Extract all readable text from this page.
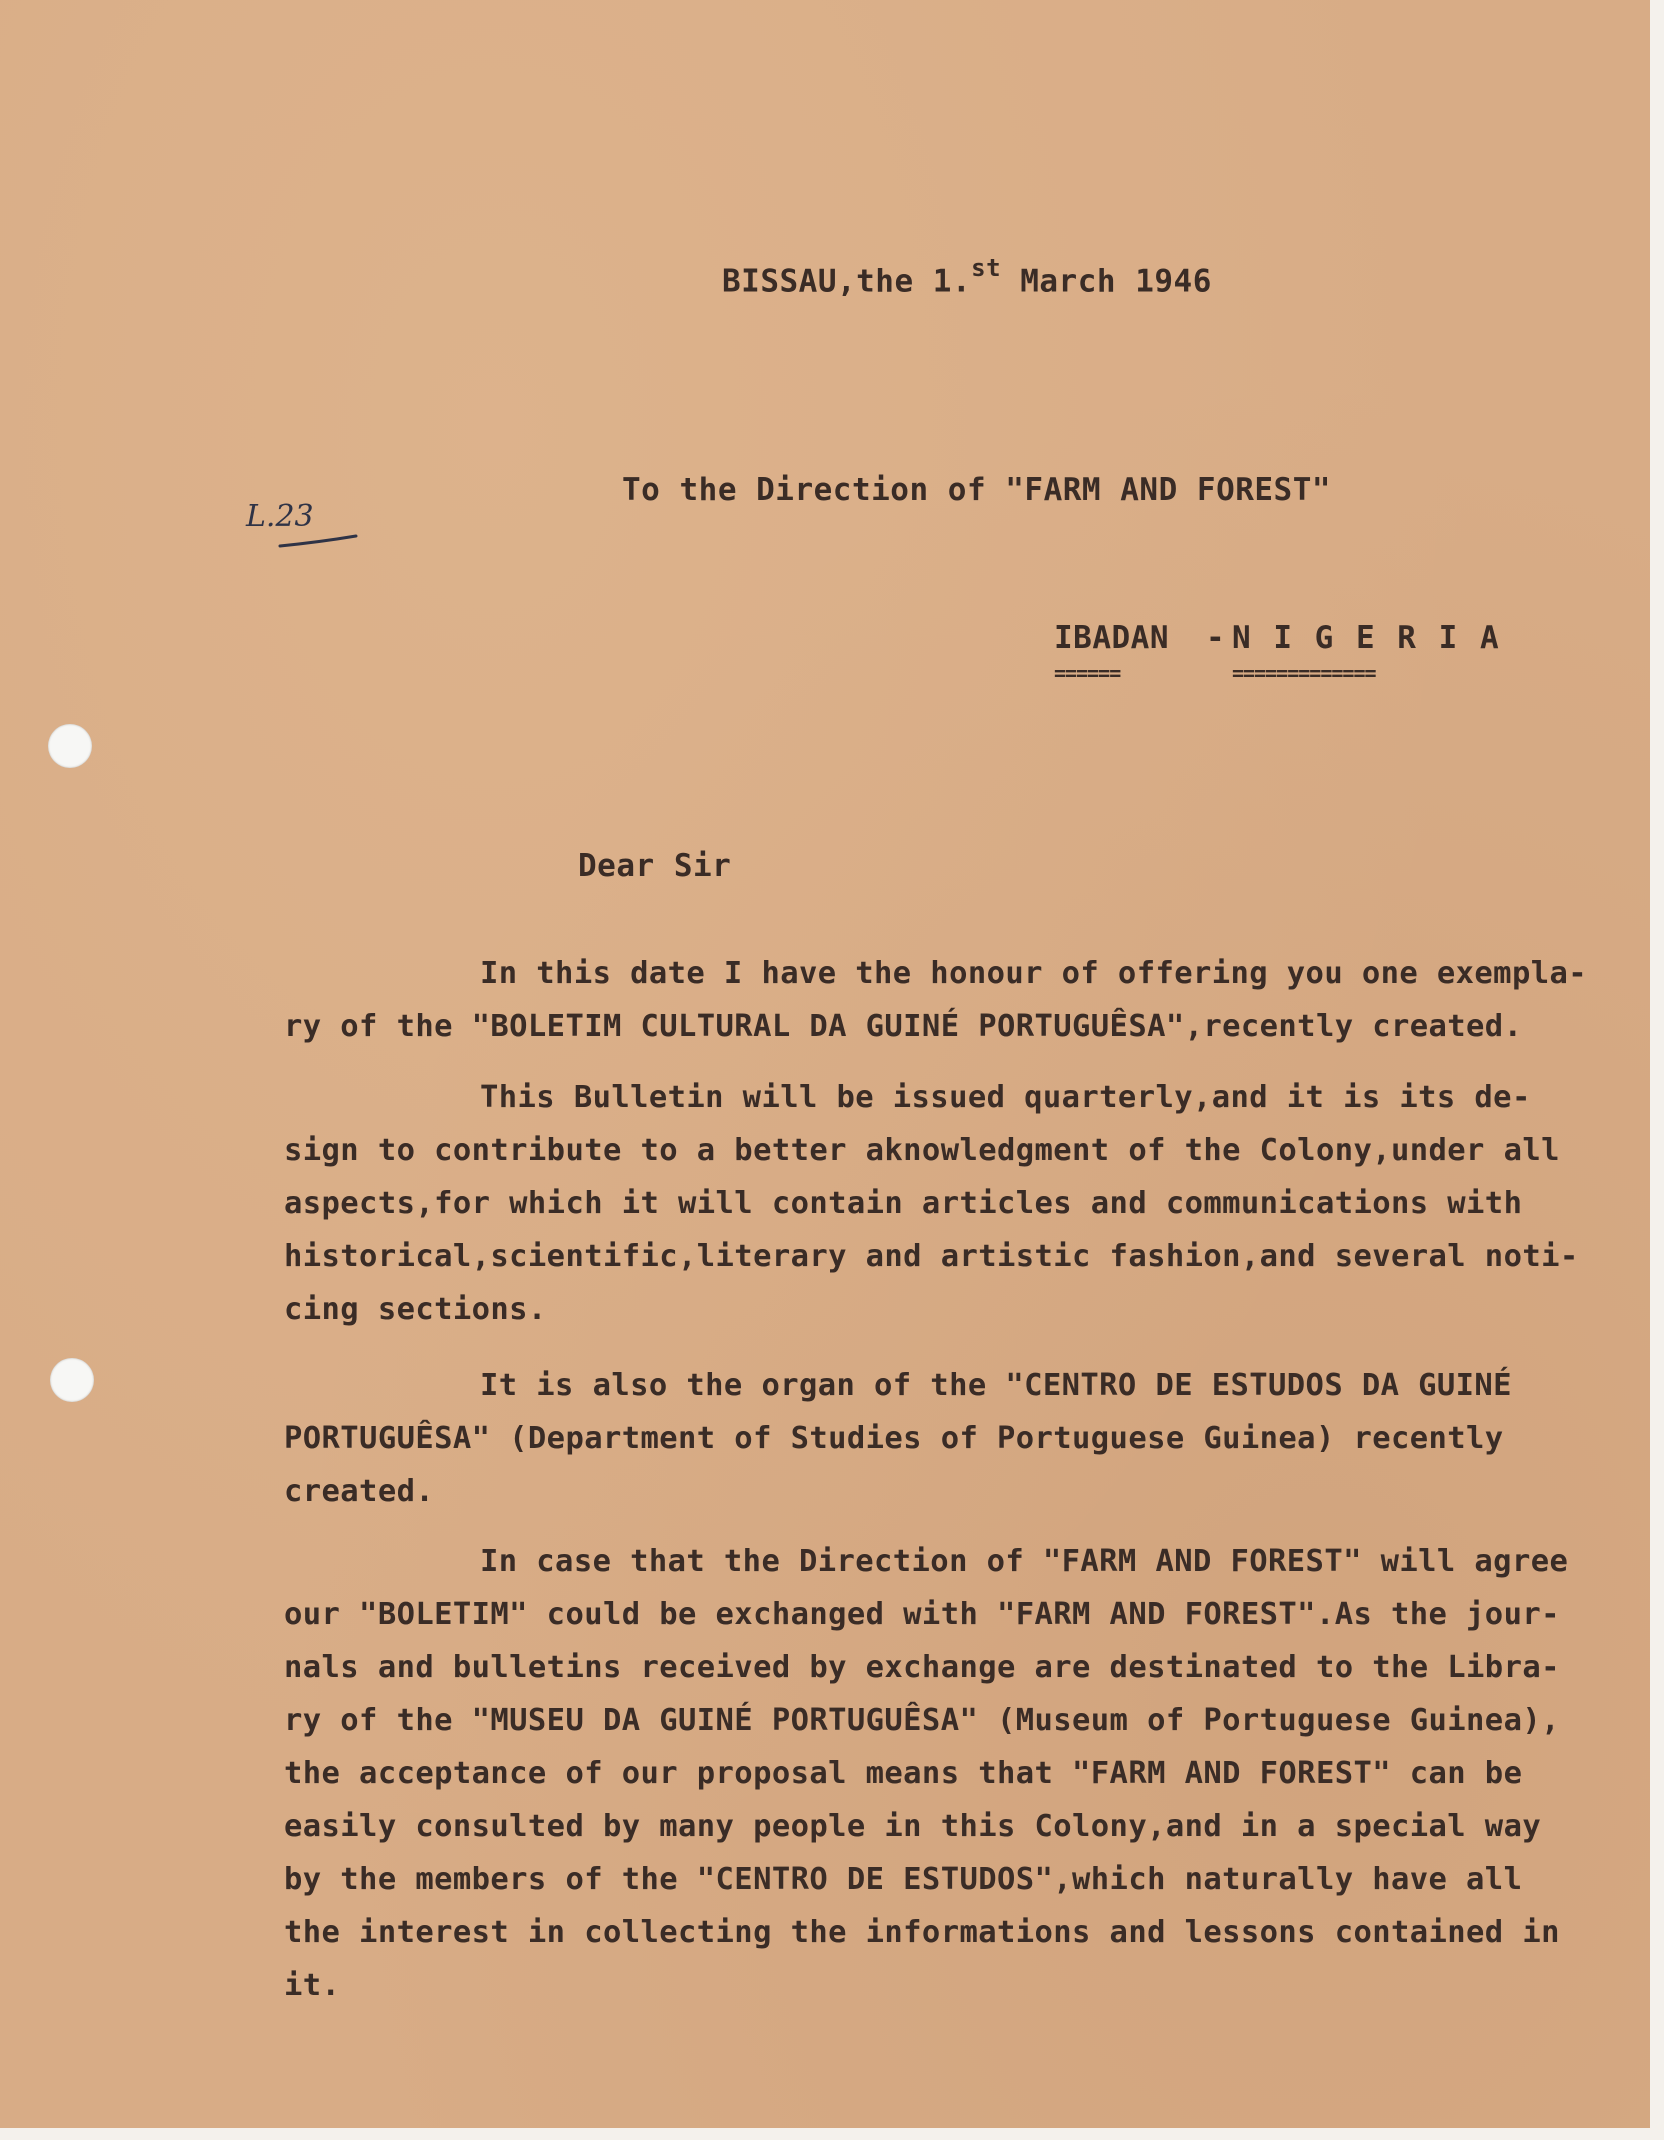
L.23
BISSAU,the 1.$^{st}$ March 1946
To the Direction of "FARM AND FOREST"
IBADAN - N I G E R I A
======	=============
Dear Sir
In this date I have the honour of offering you one exempla-
ry of the "BOLETIM CULTURAL DA GUINÉ PORTUGUÊSA",recently created.
This Bulletin will be issued quarterly,and it is its de-
sign to contribute to a better aknowledgment of the Colony,under all
aspects,for which it will contain articles and communications with
historical,scientific,literary and artistic fashion,and several noti-
cing sections.
It is also the organ of the "CENTRO DE ESTUDOS DA GUINÉ
PORTUGUÊSA" (Department of Studies of Portuguese Guinea) recently
created.
In case that the Direction of "FARM AND FOREST" will agree
our "BOLETIM" could be exchanged with "FARM AND FOREST".As the jour-
nals and bulletins received by exchange are destinated to the Libra-
ry of the "MUSEU DA GUINÉ PORTUGUÊSA" (Museum of Portuguese Guinea),
the acceptance of our proposal means that "FARM AND FOREST" can be
easily consulted by many people in this Colony,and in a special way
by the members of the "CENTRO DE ESTUDOS",which naturally have all
the interest in collecting the informations and lessons contained in
it.
